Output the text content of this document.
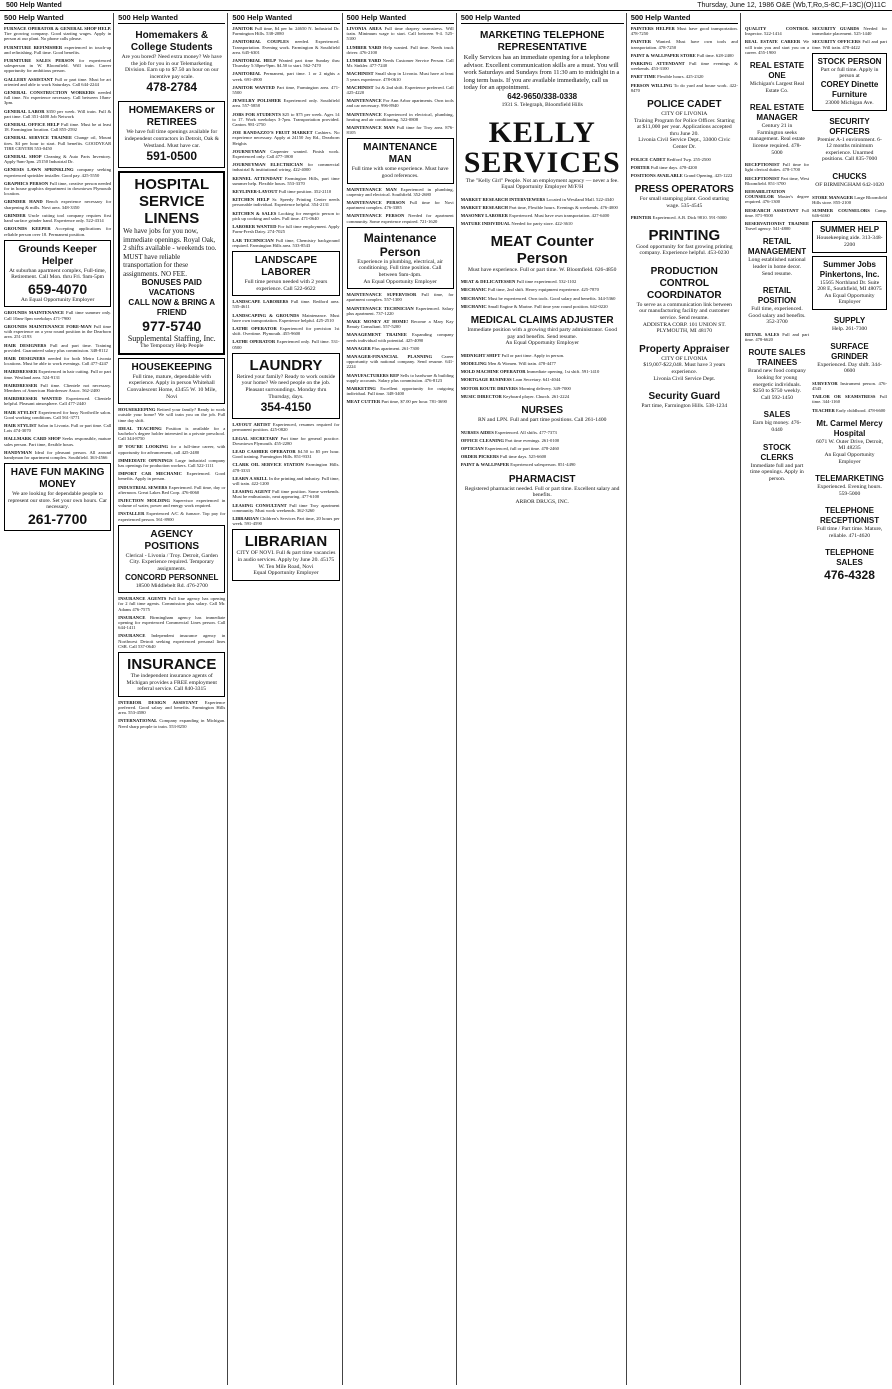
500 Help Wanted	Thursday, June 12, 1986 O&E (Wb,T,Ro,S-8C,F-13C)(O)11C
500 Help Wanted
FURNACE OPERATOR & GENERAL SHOP HELP. Tire growing company. Good starting wages. Apply in person at our plant. No phone calls please.
FURNITURE REFINISHER experienced in touch-up and refinishing. Full time. Good benefits.
FURNITURE SALES PERSON for experienced salesperson in W. Bloomfield. Will train. Career opportunity for ambitious person.
GALLERY ASSISTANT Full or part time. Must be art oriented and able to work Saturdays. Call 644-2244
GENERAL CONSTRUCTION WORKERS needed full time. No experience necessary. Call between 10am-3pm.
GENERAL LABOR $350 per week. Will train. Full & part time. Call 351-4400 Job Network
GENERAL OFFICE HELP Full time. Must be at least 18. Farmington location. Call 855-2592
GENERAL SERVICE TRAINEE Change oil, Mount tires. $4 per hour to start. Full benefits. GOODYEAR TIRE CENTER 553-0450
GENERAL SHOP Cleaning & Auto Parts Inventory. Apply 9am-3pm. 25150 Industrial Dr.
GENESIS LAWN SPRINKLING company seeking experienced sprinkler installer. Good pay. 425-5550
GRAPHICS PERSON Full time, creative person needed for in house graphics department in downtown Plymouth location.
GRINDER HAND Bench experience necessary for sharpening & mills. Novi area. 348-3350
GRINDER Uncle cutting tool company requires first hand surface grinder hand. Experience only. 522-4314
GROUNDS KEEPER Accepting applications for reliable person over 18. Permanent position.
Grounds Keeper Helper
At suburban apartment complex, Full-time, Retirement. Call Mon. thru Fri. 9am-5pm
659-4070
An Equal Opportunity Employer
GROUNDS MAINTENANCE Full time summer only. Call 10am-3pm weekdays 471-7900
GROUNDS MAINTENANCE FORE-MAN Full time with experience on a year round position in the Dearborn area. 251-2193
HAIR DESIGNERS Full and part time. Training provided. Guaranteed salary plus commission. 348-8112
HAIR DESIGNERS needed for both Metro Livonia locations. Must be able to work evenings. Call 477-4247
HAIRDRESSER Experienced in hair cutting. Full or part time. Westland area. 524-9131
HAIRDRESSER Full time. Clientele not necessary. Members of American Hairdresser Assoc. 562-2400
HAIRDRESSER WANTED Experienced. Clientele helpful. Pleasant atmosphere. Call 477-2440
HAIR STYLIST Experienced for busy Northville salon. Good working conditions. Call 561-3771
HAIR STYLIST Salon in Livonia. Full or part time. Call Lois 474-3070
HALLMARK CARD SHOP Seeks responsible, mature sales person. Part time, flexible hours.
HANDYMAN Ideal for pleasant person. All around handyman for apartment complex. Southfield. 363-4566
HAVE FUN MAKING MONEY
We are looking for dependable people to represent our store. Set your own hours. Car necessary.
261-7700
500 Help Wanted
Homemakers & College Students
Are you bored? Need extra money? We have the job for you in our Telemarketing Division. Earn up to $7.50 an hour on our incentive pay scale.
478-2784
HOMEMAKERS or RETIREES
We have full time openings available for independent contractors in Detroit, Oak & Westland. Must have car.
591-0500
HOSPITAL SERVICE
LINENS
We have jobs for you now, immediate openings. Royal Oak, 2 shifts available - weekends too. MUST have reliable transportation for these assignments. NO FEE.
BONUSES PAID VACATIONS
CALL NOW & BRING A FRIEND
977-5740
Supplemental Staffing, Inc.
The Temporary Help People
HOUSEKEEPING
Full time, mature, dependable with experience. Apply in person Whitehall Convalescent Home, 43455 W. 10 Mile, Novi
HOUSEKEEPING Retired your family? Ready to work outside your home? We will train you on the job. Full time day shift.
IDEAL TEACHING Position is available for a bachelor's degree holder interested in a private preschool. Call 344-8750
IF YOU'RE LOOKING for a full-time career, with opportunity for advancement, call 425-2480
IMMEDIATE OPENINGS Large industrial company has openings for production workers. Call 522-1111
IMPORT CAR MECHANIC Experienced. Good benefits. Apply in person.
INDUSTRIAL SEWERS Experienced. Full time, day or afternoon. Great Lakes Bed Corp. 476-0060
INJECTION MOLDING Supervisor experienced in volume of water, power and energy work required.
INSTALLER Experienced A/C & furnace. Top pay for experienced person. 561-8900
AGENCY POSITIONS
Clerical - Livonia / Troy. Detroit, Garden City. Experience required. Temporary assignments.
CONCORD PERSONNEL
18500 Middlebelt Rd. 476-2700
INSURANCE AGENTS Full line agency has opening for 2 full time agents. Commission plus salary. Call Mr. Adams 476-7575
INSURANCE Birmingham agency has immediate opening for experienced Commercial Lines person. Call 644-1411
INSURANCE Independent insurance agency in Northwest Detroit seeking experienced personal lines CSR. Call 537-0640
INSURANCE
The independent insurance agents of Michigan provides a FREE employment referral service. Call 840-3315
INTERIOR DESIGN ASSISTANT Experience preferred. Good salary and benefits. Farmington Hills area. 553-4580
INTERNATIONAL Company expanding in Michigan. Need sharp people to train. 553-8250
500 Help Wanted
JANITOR Full time, $4 per hr. 24650 N. Industrial Dr. Farmington Hills. 538-2080
JANITORIAL COUPLES needed. Experienced. Transportation. Evening work. Farmington & Southfield area. 645-6301
JANITORIAL HELP Wanted part time Sunday thru Thursday 5:30pm-9pm. $4.50 to start. 562-7470
JANITORIAL Permanent, part time. 1 or 2 nights a week. 691-4900
JANITOR WANTED Part time, Farmington area. 471-5500
JEWELRY POLISHER Experienced only. Southfield area. 557-5858
JOBS FOR STUDENTS $25 to $75 per week. Ages 14 to 17. Work weekdays 3-7pm. Transportation provided. Canton. 981-2750
JOE RANDAZZO'S FRUIT MARKET Cashiers. No experience necessary. Apply at 24150 Joy Rd., Dearborn Heights
JOURNEYMAN Carpenter wanted. Finish work. Experienced only. Call 477-1800
JOURNEYMAN ELECTRICIAN for commercial industrial & institutional wiring. 422-4000
KENNEL ATTENDANT Farmington Hills, part time summer help. Flexible hours. 553-3370
KEYLINER-LAYOUT Full time position. 352-2110
KITCHEN HELP Sr. Speedy Printing Center needs personable individual. Experience helpful. 354-2131
KITCHEN & SALES Looking for energetic person to pick up cooking and sales. Full time. 471-0640
LABORER WANTED For full time employment. Apply Farm-Fresh Dairy. 274-7025
LAB TECHNICIAN Full time, Chemistry background required. Farmington Hills area. 533-8543
LANDSCAPE LABORER
Full time person needed with 2 years experience. Call 522-6622
LANDSCAPE LABORERS Full time. Redford area. 535-4611
LANDSCAPING & GROUNDS Maintenance. Must have own transportation. Experience helpful. 425-2510
LATHE OPERATOR Experienced for precision 1st shift. Overtime. Plymouth. 455-9600
LATHE OPERATOR Experienced only. Full time. 531-0500
LAUNDRY
Retired your family? Ready to work outside your home? We need people on the job. Pleasant surroundings. Monday thru Thursday, days.
354-4150
LAYOUT ARTIST Experienced, resumes required for permanent position. 425-0820
LEGAL SECRETARY Part time for general practice. Downtown Plymouth. 455-2280
LEAD CASHIER OPERATOR $4.50 to $5 per hour. Good training. Farmington Hills. 851-9331
CLARK OIL SERVICE STATION Farmington Hills. 478-3333
LEARN A SKILL In the printing and industry. Full time, will train. 422-1200
LEASING AGENT Full time position. Some weekends. Must be enthusiastic, neat appearing. 477-6100
LEASING CONSULTANT Full time Troy apartment community. Must work weekends. 362-3260
LIBRARIAN Children's Services Part time, 20 hours per week. 591-4590
LIBRARIAN
CITY OF NOVI. Full & part time vacancies in audio services. Apply by June 20. 45175 W. Ten Mile Road, Novi
Equal Opportunity Employer
500 Help Wanted
LIVONIA AREA Full time drapery seamstress. Will train. Minimum wage to start. Call between 9-4. 525-5100
LUMBER YARD Help wanted. Full time. Needs truck driver. 476-2100
LUMBER YARD Needs Customer Service Person. Call Mr. Sinkler. 477-7240
MACHINIST Small shop in Livonia. Must have at least 5 years experience. 478-0610
MACHINIST 1st & 2nd shift. Experience preferred. Call 425-4220
MAINTENANCE For Ann Arbor apartments. Own tools and car necessary. 996-8940
MAINTENANCE Experienced in electrical, plumbing, heating and air conditioning. 522-0808
MAINTENANCE MAN Full time for Troy area. 876-8105
MAINTENANCE MAN
Full time with some experience. Must have good references.
MAINTENANCE MAN Experienced in plumbing, carpentry and electrical. Southfield. 352-2680
MAINTENANCE PERSON Full time for Novi apartment complex. 476-3385
MAINTENANCE PERSON Needed for apartment community. Some experience required. 721-1620
Maintenance Person
Experience in plumbing, electrical, air conditioning. Full time position. Call between 9am-4pm.
An Equal Opportunity Employer
MAINTENANCE SUPERVISOR Full time, for apartment complex. 557-1300
MAINTENANCE TECHNICIAN Experienced. Salary plus apartment. 737-1220
MAKE MONEY AT HOME! Become a Mary Kay Beauty Consultant. 557-5200
MANAGEMENT TRAINEE Expanding company needs individual with potential. 425-4090
MANAGER Plus apartment. 261-7300
MANAGER-FINANCIAL PLANNING Career opportunity with national company. Send resume. 641-2224
MANUFACTURERS REP Sells to hardware & building supply accounts. Salary plus commission. 476-8123
MARKETING Excellent opportunity for outgoing individual. Full time. 348-3400
MEAT CUTTER Part time, $7.00 per hour. 781-3690
500 Help Wanted
MARKETING TELEPHONE REPRESENTATIVE
Kelly Services has an immediate opening for a telephone advisor. Excellent communication skills are a must. You will work Saturdays and Sundays from 11:30 am to midnight in a long term basis. If you are available immediately, call us today for an appointment.
642-9650/338-0338
1931 S. Telegraph, Bloomfield Hills
KELLY SERVICES
The "Kelly Girl" People. Not an employment agency — never a fee.
Equal Opportunity Employer M/F/H
MARKET RESEARCH INTERVIEWERS Located in Westland Mall. 522-4340
MARKET RESEARCH Part time, Flexible hours. Evenings & weekends. 476-4000
MASONRY LABORER Experienced. Must have own transportation. 427-6400
MATURE INDIVIDUAL Needed for party store. 422-3610
MEAT Counter Person
Must have experience. Full or part time. W. Bloomfield. 626-4850
MEAT & DELICATESSEN Full time experienced. 532-1102
MECHANIC Full time, 2nd shift. Heavy equipment experience. 425-7870
MECHANIC Must be experienced. Own tools. Good salary and benefits. 344-5360
MECHANIC Small Engine & Marine. Full time year round position. 642-0220
MEDICAL CLAIMS ADJUSTER
Immediate position with a growing third party administrator. Good pay and benefits. Send resume.
An Equal Opportunity Employer
MIDNIGHT SHIFT Full or part time. Apply in person.
MODELING Men & Women. Will train. 478-4477
MOLD MACHINE OPERATOR Immediate opening. 1st shift. 591-1410
MORTGAGE BUSINESS Loan Secretary. 641-4044
MOTOR ROUTE DRIVERS Morning delivery. 349-7000
MUSIC DIRECTOR Keyboard player. Church. 261-2224
NURSES
RN and LPN. Full and part time positions. Call 261-1400
NURSES AIDES Experienced. All shifts. 477-7373
OFFICE CLEANING Part time evenings. 261-0100
OPTICIAN Experienced, full or part time. 478-2460
ORDER PICKERS Full time days. 525-6600
PAINT & WALLPAPER Experienced salesperson. 851-4490
PHARMACIST
Registered pharmacist needed. Full or part time. Excellent salary and benefits.
ARBOR DRUGS, INC.
500 Help Wanted
PAINTERS HELPER Must have good transportation. 478-7250
PAINTER Wanted. Must have own tools and transportation. 478-7250
PAINT & WALLPAPER STORE Full time. 628-2400
PARKING ATTENDANT Full time evenings & weekends. 453-3100
PART TIME Flexible hours. 425-2320
PERSON WILLING To do yard and house work. 422-8470
POLICE CADET
CITY OF LIVONIA
Training Program for Police Officer. Starting at $11,000 per year. Applications accepted thru June 20.
Livonia Civil Service Dept., 33000 Civic Center Dr.
POLICE CADET Redford Twp. 255-2500
PORTER Full time days. 478-4200
POSITIONS AVAILABLE Grand Opening. 425-1222
PRESS OPERATORS
For small stamping plant. Good starting wage. 535-4545
PRINTER Experienced. A.B. Dick 9810. 591-5000
PRINTING
Good opportunity for fast growing printing company. Experience helpful. 453-0230
PRODUCTION CONTROL COORDINATOR
To serve as a communication link between our manufacturing facility and customer service. Send resume.
ADDISTRA CORP. 101 UNION ST. PLYMOUTH, MI 48170
Property Appraiser
CITY OF LIVONIA
$19,007-$22,048. Must have 3 years experience.
Livonia Civil Service Dept.
Security Guard
Part time, Farmington Hills. 538-1234
QUALITY CONTROL Inspector. 522-1414
REAL ESTATE CAREER We will train you and start you on a career. 455-1900
REAL ESTATE ONE
Michigan's Largest Real Estate Co.
REAL ESTATE MANAGER
Century 21 in Farmington seeks management. Real estate license required. 478-5000
RECEPTIONIST Full time for light clerical duties. 478-1700
RECEPTIONIST Part time, West Bloomfield. 851-3700
REHABILITATION COUNSELOR Master's degree required. 476-1300
RESEARCH ASSISTANT Full time. 871-9500
RESERVATIONIST TRAINEE Travel agency. 541-4800
RETAIL MANAGEMENT
Long established national leader in home decor. Send resume.
RETAIL POSITION
Full time, experienced. Good salary and benefits. 352-3700
RETAIL SALES Full and part time. 478-6620
ROUTE SALES TRAINEES
Brand new food company looking for young energetic individuals. $250 to $750 weekly. Call 592-1450
SALES
Earn big money. 476-0440
STOCK CLERKS
Immediate full and part time openings. Apply in person.
SECURITY GUARDS Needed for immediate placement. 525-1440
SECURITY OFFICERS Full and part time. Will train. 478-4422
STOCK PERSON
Part or full time. Apply in person at
COREY Dinette Furniture
23000 Michigan Ave.
SECURITY OFFICERS
Premier A-1 environment. 6-12 months minimum experience. Unarmed positions. Call 835-7000
CHUCKS
OF BIRMINGHAM 642-1020
STORE MANAGER Large Bloomfield Hills store. 855-2100
SUMMER COUNSELORS Camp. 646-6160
SUMMER HELP
Housekeeping aide. 313-348-2200
Summer Jobs
Pinkertons, Inc.
15565 Northland Dr. Suite 208 E, Southfield, MI 48075
An Equal Opportunity Employer
SUPPLY
Help. 261-7300
SURFACE GRINDER
Experienced. Day shift. 344-0600
SURVEYOR Instrument person. 476-4545
TAILOR OR SEAMSTRESS Full time. 344-1160
TEACHER Early childhood. 478-6600
Mt. Carmel Mercy Hospital
6071 W. Outer Drive, Detroit, MI 48235
An Equal Opportunity Employer
TELEMARKETING
Experienced. Evening hours. 559-5000
TELEPHONE RECEPTIONIST
Full time / Part time. Mature, reliable. 471-4620
TELEPHONE SALES
476-4328
